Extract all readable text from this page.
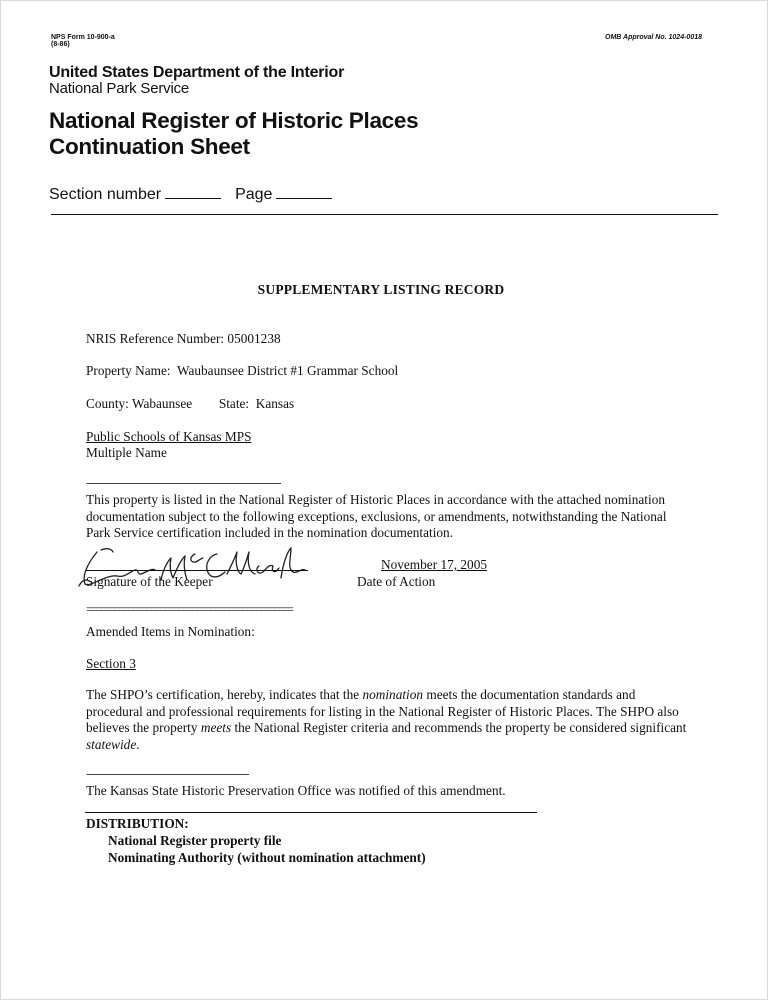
NPS Form 10-900-a
(8-86)
OMB Approval No. 1024-0018
United States Department of the Interior
National Park Service
National Register of Historic Places
Continuation Sheet
Section number	Page
SUPPLEMENTARY LISTING RECORD
NRIS Reference Number: 05001238
Property Name: Waubaunsee District #1 Grammar School
County: Wabaunsee State: Kansas
Public Schools of Kansas MPS
Multiple Name
-------------------------------------------------------------------------
This property is listed in the National Register of Historic Places in accordance with the attached nomination documentation subject to the following exceptions, exclusions, or amendments, notwithstanding the National Park Service certification included in the nomination documentation.
Signature of the Keeper
November 17, 2005
Date of Action
=============================================
Amended Items in Nomination:
Section 3
The SHPO’s certification, hereby, indicates that the nomination meets the documentation standards and procedural and professional requirements for listing in the National Register of Historic Places. The SHPO also believes the property meets the National Register criteria and recommends the property be considered significant statewide.
-------------------------------------------------------------
The Kansas State Historic Preservation Office was notified of this amendment.
DISTRIBUTION:
National Register property file
Nominating Authority (without nomination attachment)
